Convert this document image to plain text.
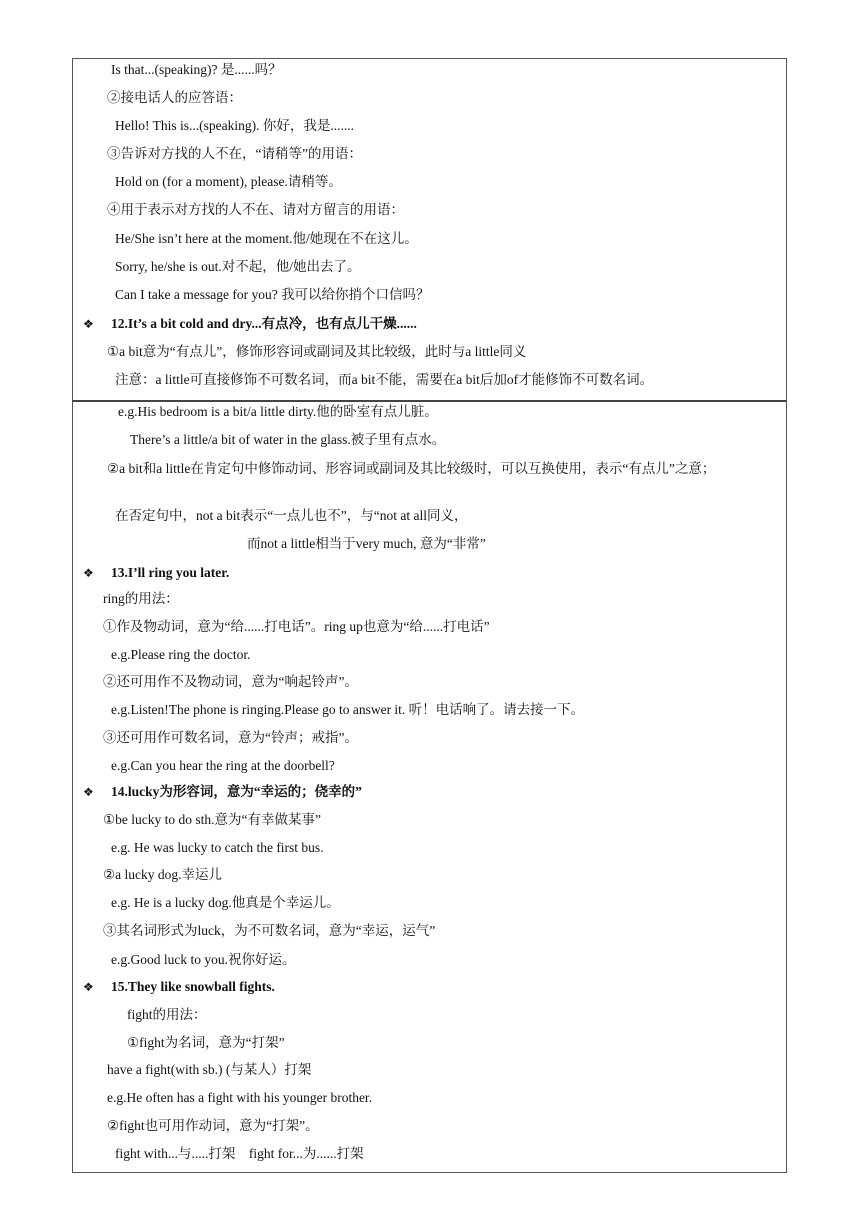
Is that...(speaking)? 是......吗？
②接电话人的应答语：
Hello! This is...(speaking). 你好，我是.......
③告诉对方找的人不在，“请稍等”的用语：
Hold on (for a moment), please.请稍等。
④用于表示对方找的人不在、请对方留言的用语：
He/She isn’t here at the moment.他/她现在不在这儿。
Sorry, he/she is out.对不起，他/她出去了。
Can I take a message for you? 我可以给你捎个口信吗？
❖ 12.It’s a bit cold and dry...有点冷，也有点儿干燥......
①a bit意为“有点儿”，修饰形容词或副词及其比较级，此时与a little同义
注意：a little可直接修饰不可数名词，而a bit不能，需要在a bit后加of才能修饰不可数名词。
e.g.His bedroom is a bit/a little dirty.他的卧室有点儿脏。
There’s a little/a bit of water in the glass.被子里有点水。
②a bit和a little在肯定句中修饰动词、形容词或副词及其比较级时，可以互换使用，表示“有点儿”之意；
在否定句中，not a bit表示“一点儿也不”，与“not at all同义，
而not a little相当于very much, 意为“非常”
❖ 13.I’ll ring you later.
ring的用法：
①作及物动词，意为“给......打电话”。ring up也意为“给......打电话”
e.g.Please ring the doctor.
②还可用作不及物动词，意为“响起铃声”。
e.g.Listen!The phone is ringing.Please go to answer it. 听！电话响了。请去接一下。
③还可用作可数名词，意为“铃声；戒指”。
e.g.Can you hear the ring at the doorbell?
❖ 14.lucky为形容词，意为“幸运的；侥幸的”
①be lucky to do sth.意为“有幸做某事”
e.g. He was lucky to catch the first bus.
②a lucky dog.幸运儿
e.g. He is a lucky dog.他真是个幸运儿。
③其名词形式为luck，为不可数名词，意为“幸运，运气”
e.g.Good luck to you.祝你好运。
❖ 15.They like snowball fights.
fight的用法：
①fight为名词，意为“打架”
have a fight(with sb.) (与某人）打架
e.g.He often has a fight with his younger brother.
②fight也可用作动词，意为“打架”。
fight with...与.....打架    fight for...为......打架
